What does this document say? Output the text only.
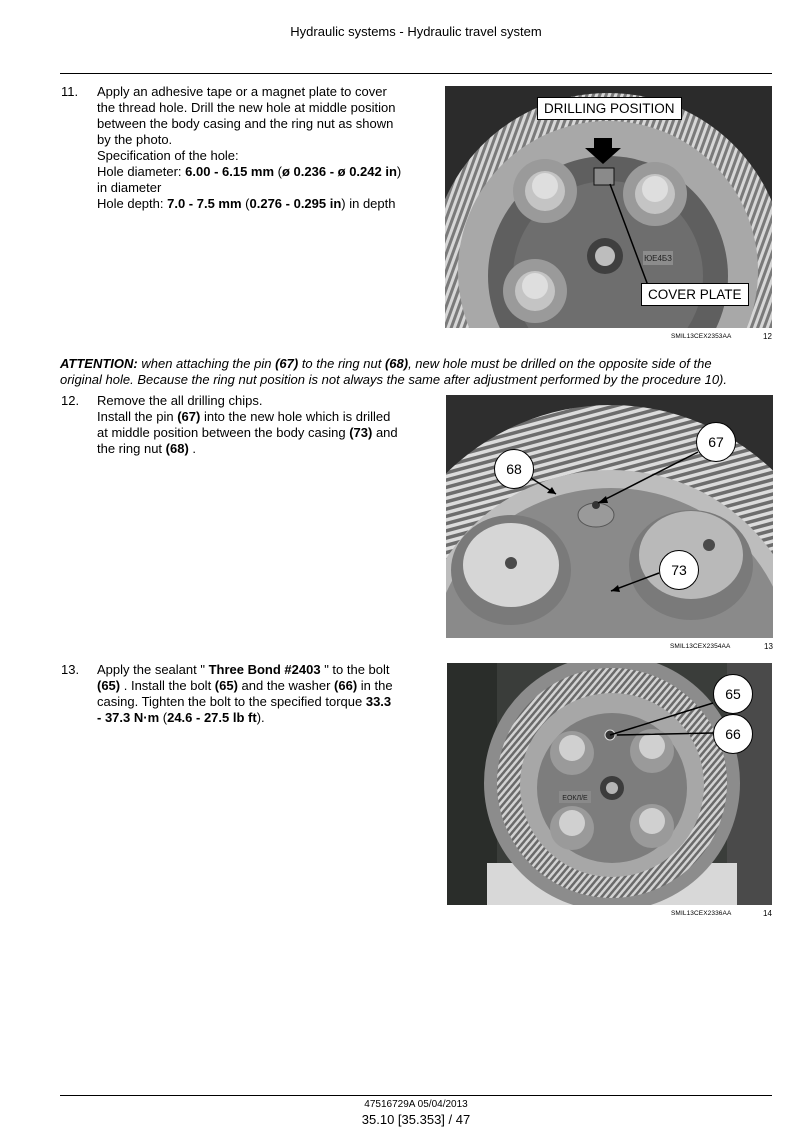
Hydraulic systems - Hydraulic travel system
11. Apply an adhesive tape or a magnet plate to cover
the thread hole. Drill the new hole at middle position
between the body casing and the ring nut as shown
by the photo.
Specification of the hole:
Hole diameter: 6.00 - 6.15 mm (ø 0.236 - ø 0.242 in)
in diameter
Hole depth: 7.0 - 7.5 mm (0.276 - 0.295 in) in depth
ЮЕ4БЗ
DRILLING POSITION
COVER PLATE
SMIL13CEX2353AA	12
ATTENTION: when attaching the pin (67) to the ring nut (68), new hole must be drilled on the opposite side of the
original hole. Because the ring nut position is not always the same after adjustment performed by the procedure 10).
12. Remove the all drilling chips.
Install the pin (67) into the new hole which is drilled
at middle position between the body casing (73) and
the ring nut (68) .	67
68
73
SMIL13CEX2354AA	13
13. Apply the sealant " Three Bond #2403 " to the bolt
(65) . Install the bolt (65) and the washer (66) in the
casing. Tighten the bolt to the specified torque 33.3
- 37.3 N·m (24.6 - 27.5 lb ft).
ЕОКЛ/Е
65
66
SMIL13CEX2336AA	14
47516729A 05/04/2013
35.10 [35.353] / 47
